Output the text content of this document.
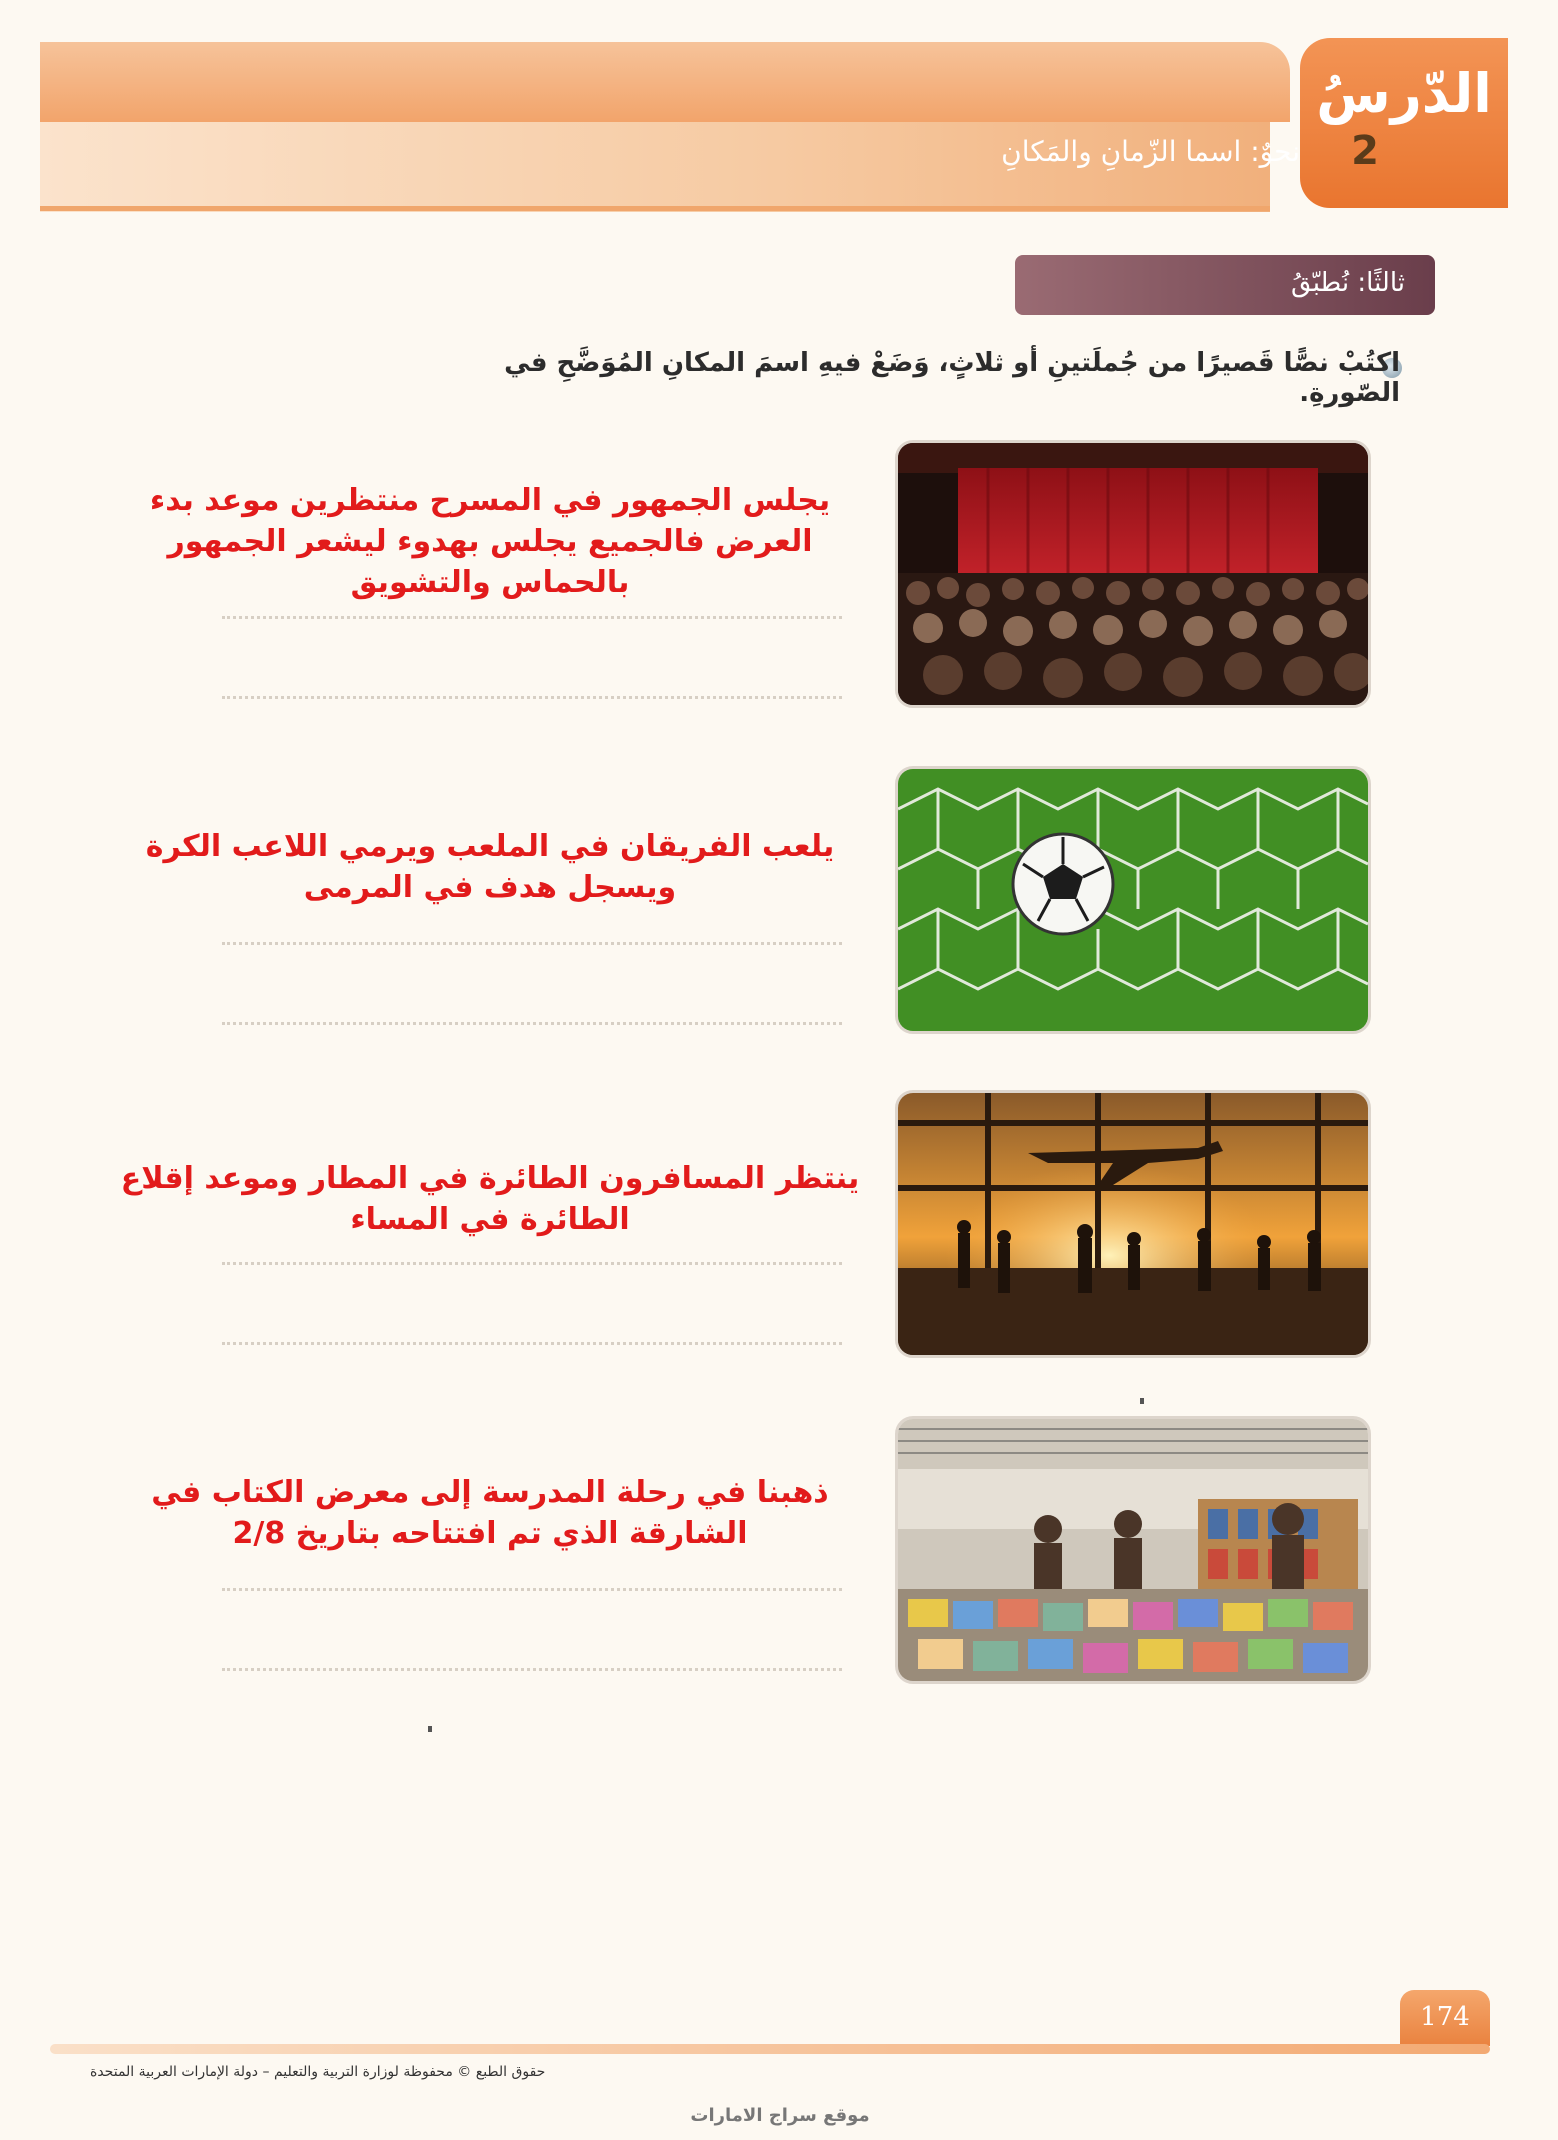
الدّرسُ
2
نحوٌ: اسما الزّمانِ والمَكانِ
ثالثًا: نُطبّقُ
اكتُبْ نصًّا قَصيرًا من جُملَتينِ أو ثلاثٍ، وَضَعْ فيهِ اسمَ المكانِ المُوَضَّحِ في الصّورةِ.
يجلس الجمهور في المسرح منتظرين موعد بدء العرض فالجميع يجلس بهدوء ليشعر الجمهور بالحماس والتشويق
يلعب الفريقان في الملعب ويرمي اللاعب الكرة ويسجل هدف في المرمى
ينتظر المسافرون الطائرة في المطار وموعد إقلاع الطائرة في المساء
ذهبنا في رحلة المدرسة إلى معرض الكتاب في الشارقة الذي تم افتتاحه بتاريخ 2/8
174
حقوق الطبع © محفوظة لوزارة التربية والتعليم – دولة الإمارات العربية المتحدة
موقع سراج الامارات
